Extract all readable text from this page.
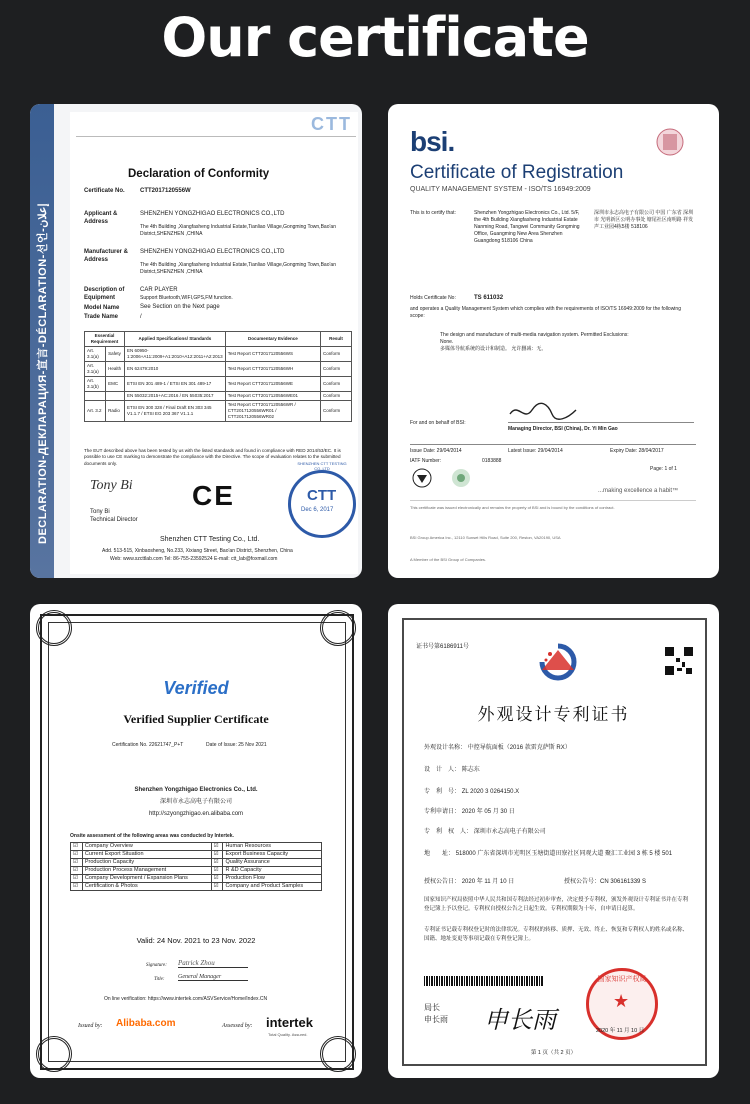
Our certificate
DECLARATION-ДЕКЛАРАЦИЯ-宣言-DÉCLARATION-선언-إعلان
CTT
Declaration of Conformity
Certificate No.	CTT2017120556W
Applicant & Address
SHENZHEN YONGZHIGAO ELECTRONICS CO.,LTD
The 4th Building ,Xiangfasheng Industrial Estate,Tianliao Village,Gongming Town,Bao'an District,SHENZHEN ,CHINA
Manufacturer & Address
SHENZHEN YONGZHIGAO ELECTRONICS CO.,LTD
The 4th Building ,Xiangfasheng Industrial Estate,Tianliao Village,Gongming Town,Bao'an District,SHENZHEN ,CHINA
Description of Equipment
CAR PLAYER
Support Bluetooth,WIFI,GPS,FM function.
Model Name	See Section on the Next page
Trade Name	/
Essential Requirement		Applied Specifications/ Standards	Documentary Evidence	Result
Art. 3.1(a)	Safety	EN 60950-1:2006+A11:2009+A1:2010+A12:2011+A2:2013	Test Report CTT2017120556WS	Conform
Art. 3.1(a)	Health	EN 62479:2010	Test Report CTT2017120556WH	Conform
Art. 3.1(b)	EMC	ETSI EN 301 489-1 / ETSI EN 301 489-17	Test Report CTT2017120556WE	Conform
		EN 55032:2015+AC:2016 / EN 55035:2017	Test Report CTT2017120556WE01	Conform
Art. 3.2	Radio	ETSI EN 300 328 / Final Draft EN 303 345 V1.1.7 / ETSI EG 203 367 V1.1.1	Test Report CTT2017120556WR / CTT2017120556WR01 / CTT2017120556WR02	Conform
The EUT described above has been tested by us with the listed standards and found in compliance with RED 2014/53/EC. It is possible to use CE marking to demonstrate the compliance with the Directive. The scope of evaluation relates to the submitted documents only.
Tony Bi
Tony Bi
Technical Director
CE	CTT
Dec 6, 2017
SHENZHEN CTT TESTING CO.,LTD
Shenzhen CTT Testing Co., Ltd.
Add. 513-515, Xinbaosheng, No.233, Xixiang Street, Bao'an District, Shenzhen, China
Web: www.szcttlab.com Tel: 86-755-23592524 E-mail: ctt_lab@foxmail.com
bsi.
Certificate of Registration
QUALITY MANAGEMENT SYSTEM - ISO/TS 16949:2009
This is to certify that:	Shenzhen Yongzhigao Electronics Co., Ltd. 5/F, the 4th Building Xiangfasheng Industrial Estate Nanming Road, Tangwei Community Gongming Office, Guangming New Area Shenzhen Guangdong 518106 China
深圳市永志高电子有限公司 中国 广东省 深圳市 光明新区公明办事处 塘尾社区南明路 祥发声工业园4栋5楼 518106
Holds Certificate No:	TS 611032
and operates a Quality Management System which complies with the requirements of ISO/TS 16949:2009 for the following scope:
The design and manufacture of multi-media navigation system. Permitted Exclusions: None.
多媒体导航系统的设计和制造。 允许删减：无。
For and on behalf of BSI:
Managing Director, BSI (China), Dr. Yi Min Gao
Issue Date: 29/04/2014	Latest Issue: 29/04/2014	Expiry Date: 28/04/2017
IATF Number:	0183888
Page: 1 of 1
...making excellence a habit™
This certificate was issued electronically and remains the property of BSI and is bound by the conditions of contract.
BSI Group America Inc., 12110 Sunset Hills Road, Suite 200, Reston, VA20190, USA
A Member of the BSI Group of Companies.
Verified
Verified Supplier Certificate
Certification No. 22621747_P+T	Date of Issue: 25 Nov 2021
Shenzhen Yongzhigao Electronics Co., Ltd.
深圳市永志高电子有限公司
http://szyongzhigao.en.alibaba.com
Onsite assessment of the following areas was conducted by Intertek.
☑	Company Overview	☑	Human Resources
☑	Current Export Situation	☑	Export Business Capacity
☑	Production Capacity	☑	Quality Assurance
☑	Production Process Management	☑	R &D Capacity
☑	Company Development / Expansion Plans	☑	Production Flow
☑	Certification & Photos	☑	Company and Product Samples
Valid: 24 Nov. 2021 to 23 Nov. 2022
Signature: Patrick Zhou
Title: General Manager
On line verification: https://www.intertek.com/ASVService/Home/Index.CN
Issued by: Alibaba.com	Assessed by: intertek
Total Quality. Assured.
证书号第6186911号
外观设计专利证书
外观设计名称： 中控导航面板（2016 款雷克萨斯 RX）
设　计　人： 陈志东
专　利　号： ZL 2020 3 0264150.X
专利申请日： 2020 年 05 月 30 日
专　利　权　人： 深圳市永志高电子有限公司
地　　址： 518000 广东省深圳市光明区玉塘街道田寮社区同观大道 聚汇工业园 3 栋 5 楼 501
授权公告日： 2020 年 11 月 10 日	授权公告号：CN 306161339 S
国家知识产权局依照中华人民共和国专利法经过初步审查，决定授予专利权，颁发外观设计专利证书并在专利登记簿上予以登记。专利权自授权公告之日起生效。专利权期限为十年，自申请日起算。
专利证书记载专利权登记时的法律状况。专利权的转移、质押、无效、终止、恢复和专利权人的姓名或名称、国籍、地址变更等事项记载在专利登记簿上。
局长
申长雨 申长雨
★
国家知识产权局
2020 年 11 月 10 日
第 1 页（共 2 页）
